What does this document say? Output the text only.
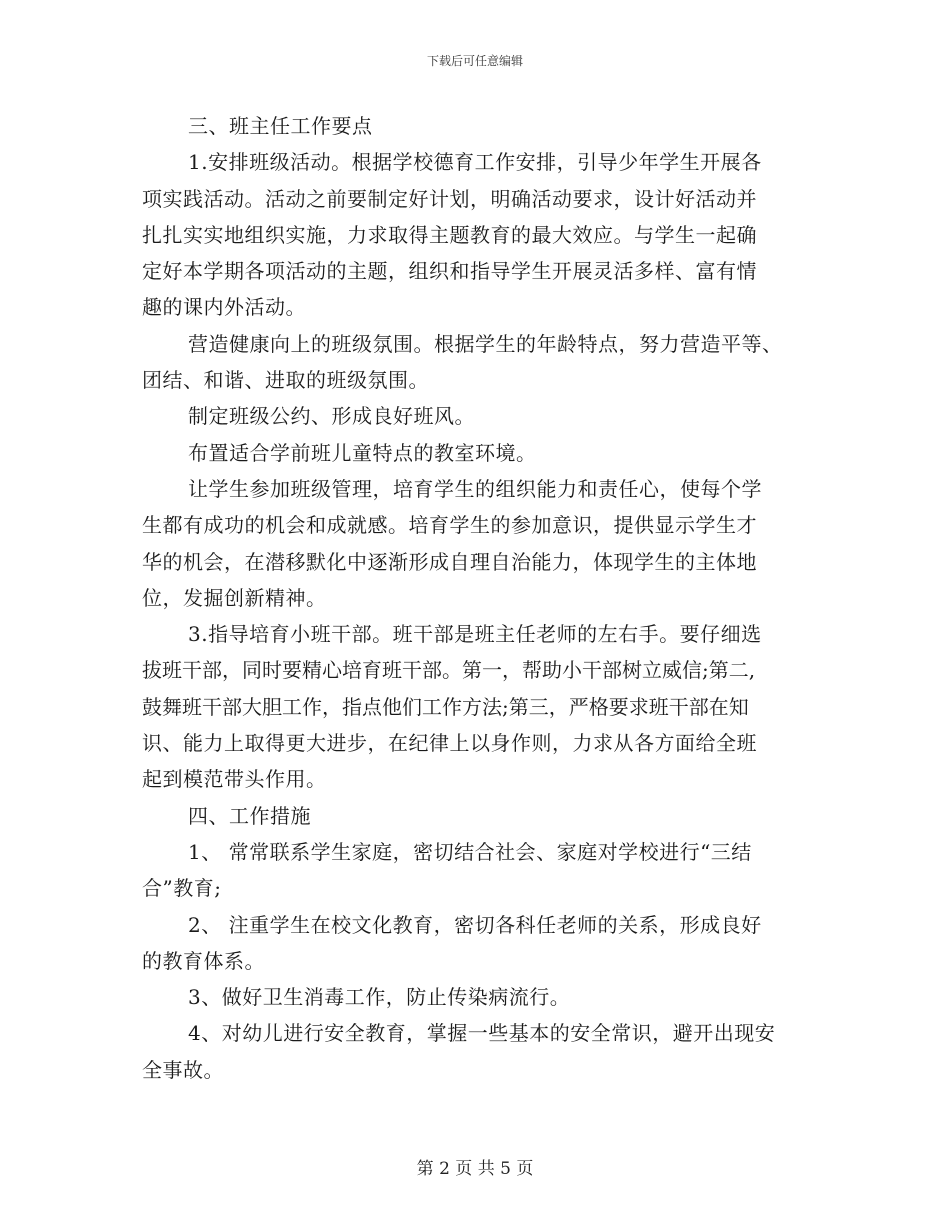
下载后可任意编辑
三、班主任工作要点
1.安排班级活动。根据学校德育工作安排，引导少年学生开展各
项实践活动。活动之前要制定好计划，明确活动要求，设计好活动并
扎扎实实地组织实施，力求取得主题教育的最大效应。与学生一起确
定好本学期各项活动的主题，组织和指导学生开展灵活多样、富有情
趣的课内外活动。
营造健康向上的班级氛围。根据学生的年龄特点，努力营造平等、
团结、和谐、进取的班级氛围。
制定班级公约、形成良好班风。
布置适合学前班儿童特点的教室环境。
让学生参加班级管理，培育学生的组织能力和责任心，使每个学
生都有成功的机会和成就感。培育学生的参加意识，提供显示学生才
华的机会，在潜移默化中逐渐形成自理自治能力，体现学生的主体地
位，发掘创新精神。
3.指导培育小班干部。班干部是班主任老师的左右手。要仔细选
拔班干部，同时要精心培育班干部。第一，帮助小干部树立威信;第二,
鼓舞班干部大胆工作，指点他们工作方法;第三，严格要求班干部在知
识、能力上取得更大进步，在纪律上以身作则，力求从各方面给全班
起到模范带头作用。
四、工作措施
1、 常常联系学生家庭，密切结合社会、家庭对学校进行“三结
合”教育;
2、 注重学生在校文化教育，密切各科任老师的关系，形成良好
的教育体系。
3、做好卫生消毒工作，防止传染病流行。
4、对幼儿进行安全教育，掌握一些基本的安全常识，避开出现安
全事故。
第 2 页 共 5 页
